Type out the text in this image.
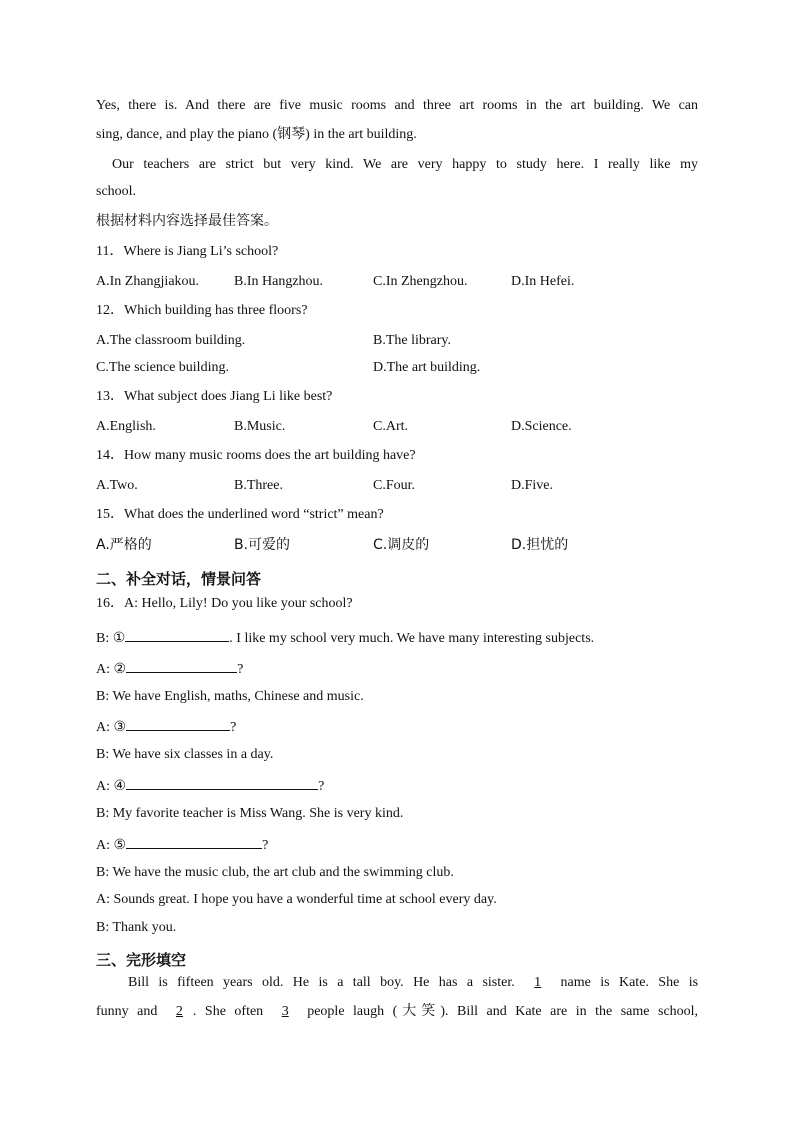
Yes, there is. And there are five music rooms and three art rooms in the art building. We can
sing, dance, and play the piano (钢琴) in the art building.
Our teachers are strict but very kind. We are very happy to study here. I really like my
school.
根据材料内容选择最佳答案。
11．Where is Jiang Li’s school?
A.In Zhangjiakou. B.In Hangzhou.	C.In Zhengzhou.	D.In Hefei.
12．Which building has three floors?
A.The classroom building.	B.The library.
C.The science building.	D.The art building.
13．What subject does Jiang Li like best?
A.English.	B.Music.	C.Art.	D.Science.
14．How many music rooms does the art building have?
A.Two.	B.Three.	C.Four.	D.Five.
15．What does the underlined word “strict” mean?
A.严格的	B.可爱的	C.调皮的	D.担忧的
二、补全对话，情景问答
16．A: Hello, Lily! Do you like your school?
B: ①	. I like my school very much. We have many interesting subjects.
A: ②	?
B: We have English, maths, Chinese and music.
A: ③	?
B: We have six classes in a day.
A: ④	?
B: My favorite teacher is Miss Wang. She is very kind.
A: ⑤	?
B: We have the music club, the art club and the swimming club.
A: Sounds great. I hope you have a wonderful time at school every day.
B: Thank you.
三、完形填空
Bill is fifteen years old. He is a tall boy. He has a sister. 1 name is Kate. She is
funny and 2 . She often 3 people laugh (大笑). Bill and Kate are in the same school,
